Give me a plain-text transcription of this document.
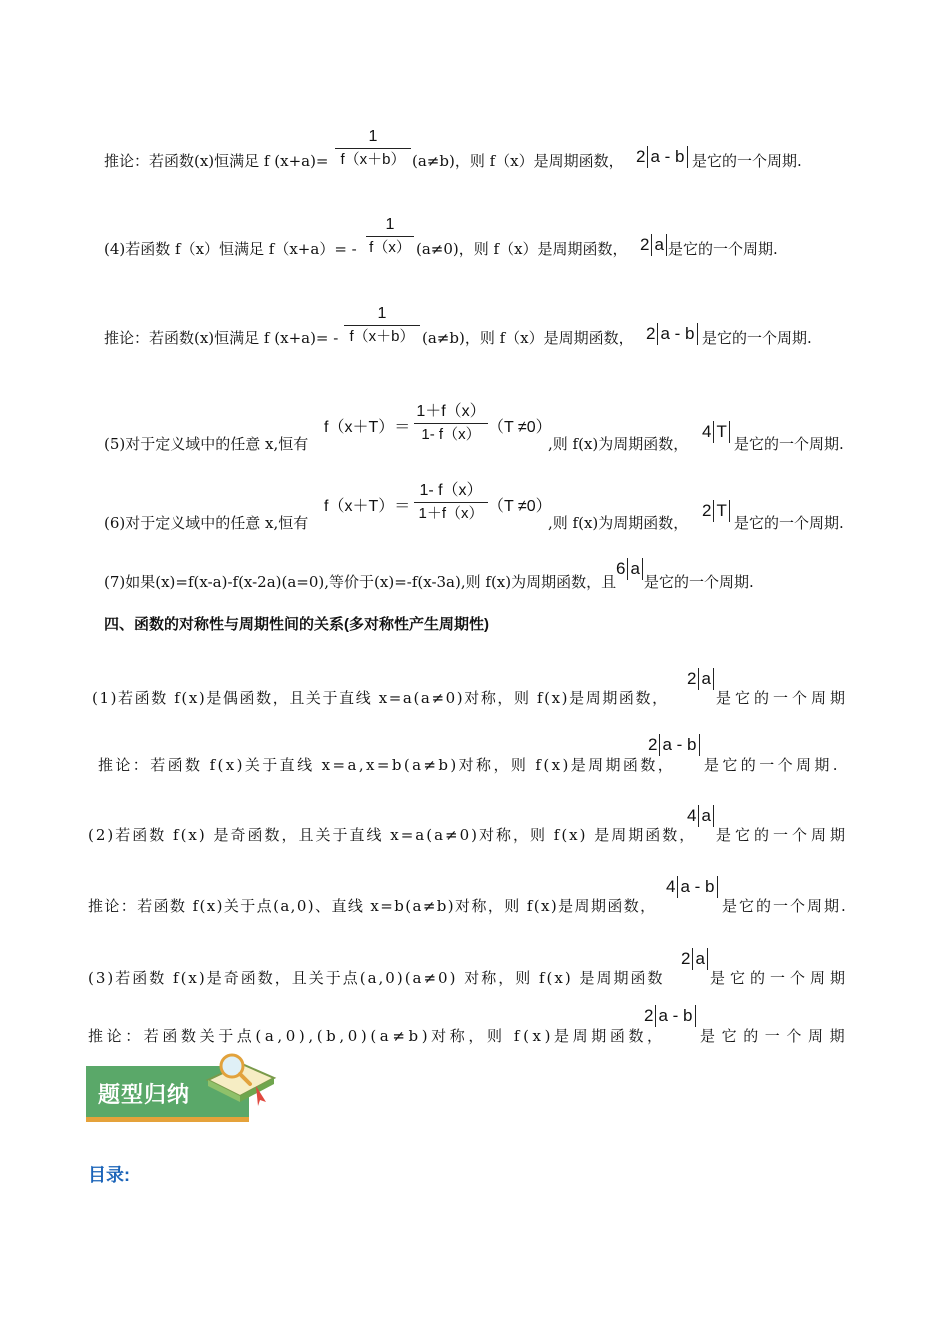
推论：若函数(x)恒满足 f (x+a)=
1
f（x＋b） (a≠b)，则 f（x）是周期函数， 2 a - b 是它的一个周期.
(4)若函数 f（x）恒满足 f（x+a）= -
1
f（x） (a≠0)，则 f（x）是周期函数， 2 a 是它的一个周期.
推论：若函数(x)恒满足 f (x+a)= -
1
f（x＋b） (a≠b)，则 f（x）是周期函数， 2 a - b 是它的一个周期.
(5)对于定义域中的任意 x,恒有
f（x＋T）＝
1＋f（x）
1- f（x） （T ≠0）
,则 f(x)为周期函数，
4 T
是它的一个周期.
(6)对于定义域中的任意 x,恒有
f（x＋T）＝
1- f（x）
1＋f（x） （T ≠0）
,则 f(x)为周期函数，
2 T
是它的一个周期.
(7)如果(x)=f(x-a)-f(x-2a)(a=0),等价于(x)=-f(x-3a),则 f(x)为周期函数，且
6 a
是它的一个周期.
四、函数的对称性与周期性间的关系(多对称性产生周期性)
(1)若函数 f(x)是偶函数，且关于直线 x=a(a≠0)对称，则 f(x)是周期函数，
2 a
是它的一个周期
推论：若函数 f(x)关于直线 x=a,x=b(a≠b)对称，则 f(x)是周期函数，
2 a - b
是它的一个周期.
(2)若函数 f(x) 是奇函数，且关于直线 x=a(a≠0)对称，则 f(x) 是周期函数，
4 a
是它的一个周期
推论：若函数 f(x)关于点(a,0)、直线 x=b(a≠b)对称，则 f(x)是周期函数，
4 a - b
是它的一个周期.
(3)若函数 f(x)是奇函数，且关于点(a,0)(a≠0) 对称，则 f(x) 是周期函数
2 a
是它的一个周期
推论：若函数关于点(a,0),(b,0)(a≠b)对称，则 f(x)是周期函数，
2 a - b
是它的一个周期
题型归纳
目录:
